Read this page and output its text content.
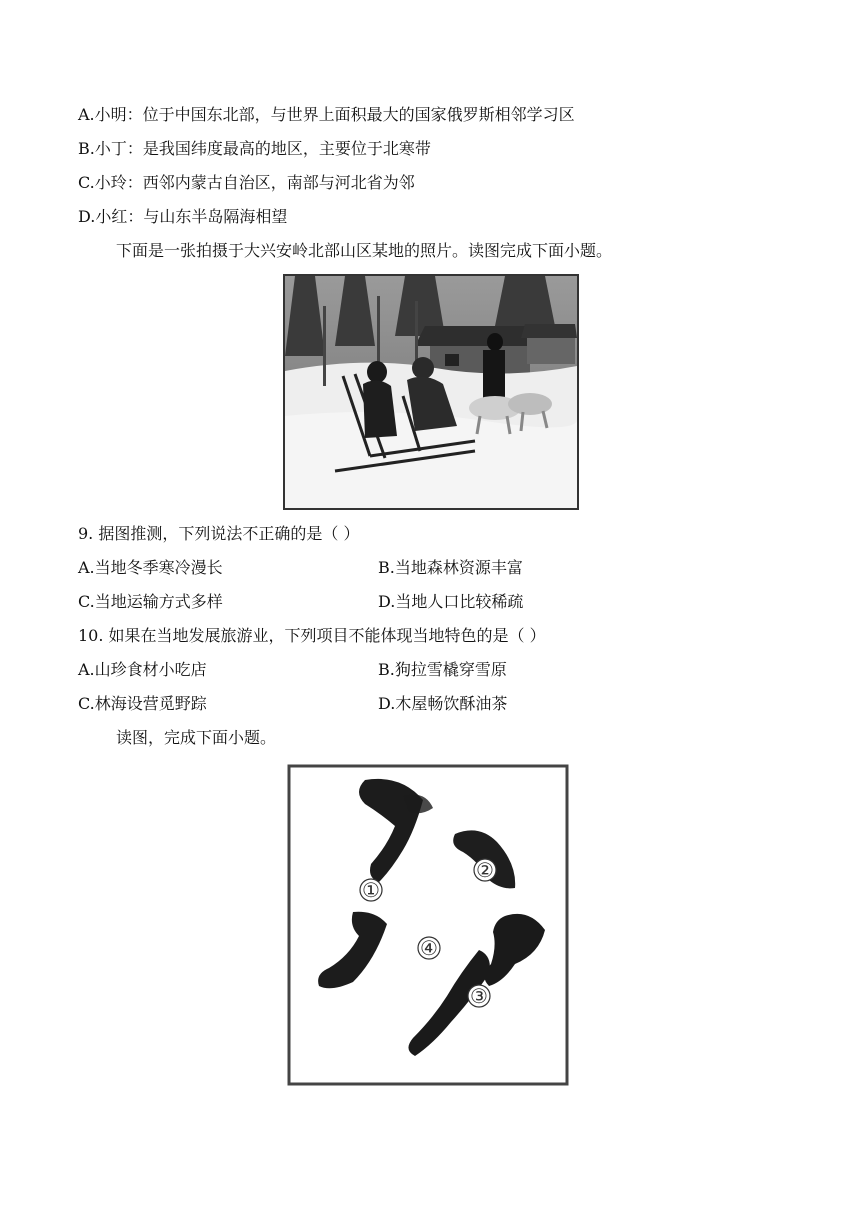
A.小明：位于中国东北部，与世界上面积最大的国家俄罗斯相邻学习区
B.小丁：是我国纬度最高的地区，主要位于北寒带
C.小玲：西邻内蒙古自治区，南部与河北省为邻
D.小红：与山东半岛隔海相望
下面是一张拍摄于大兴安岭北部山区某地的照片。读图完成下面小题。
9. 据图推测，下列说法不正确的是（ ）
A.当地冬季寒冷漫长	B.当地森林资源丰富
C.当地运输方式多样	D.当地人口比较稀疏
10. 如果在当地发展旅游业，下列项目不能体现当地特色的是（ ）
A.山珍食材小吃店	B.狗拉雪橇穿雪原
C.林海设营觅野踪	D.木屋畅饮酥油茶
读图，完成下面小题。
①
②
③
④
